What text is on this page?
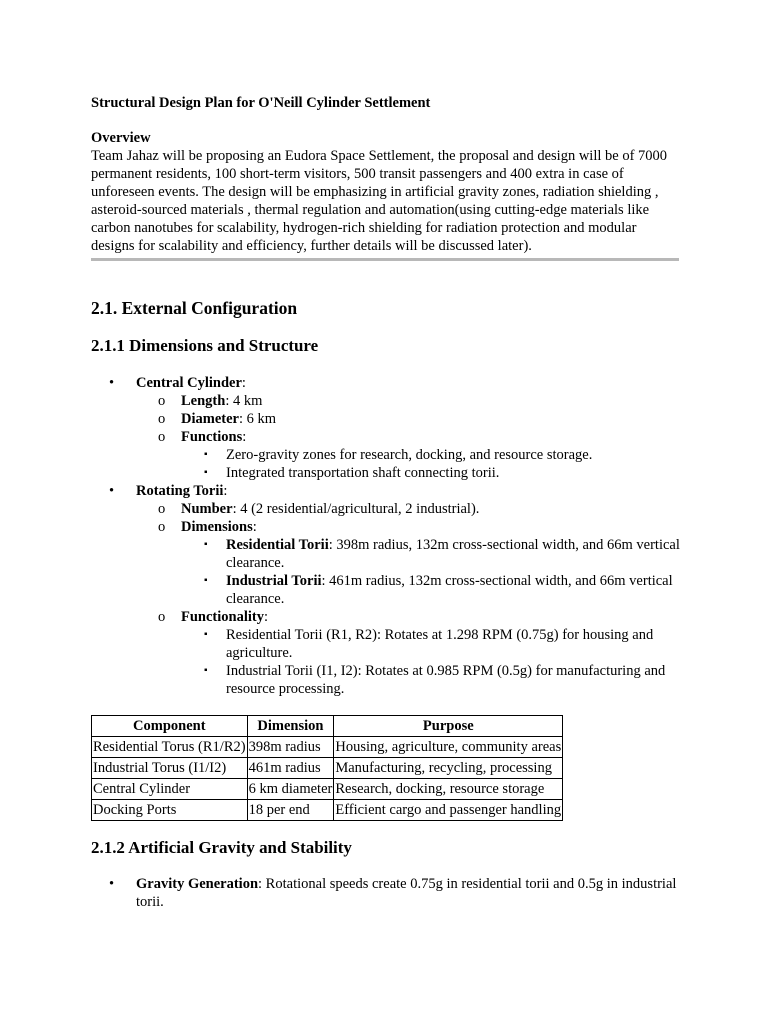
Structural Design Plan for O'Neill Cylinder Settlement

Overview

Team Jahaz will be proposing an Eudora Space Settlement, the proposal and design will be of 7000 permanent residents, 100 short-term visitors, 500 transit passengers and 400 extra in case of unforeseen events. The design will be emphasizing in artificial gravity zones, radiation shielding , asteroid-sourced materials , thermal regulation and automation(using cutting-edge materials like carbon nanotubes for scalability, hydrogen-rich shielding for radiation protection and modular designs for scalability and efficiency, further details will be discussed later).

2.1. External Configuration
2.1.1 Dimensions and Structure
• Central Cylinder:
o Length: 4 km
o Diameter: 6 km
o Functions:
▪ Zero-gravity zones for research, docking, and resource storage.
▪ Integrated transportation shaft connecting torii.
• Rotating Torii:
o Number: 4 (2 residential/agricultural, 2 industrial).
o Dimensions:
▪ Residential Torii: 398m radius, 132m cross-sectional width, and 66m vertical clearance.
▪ Industrial Torii: 461m radius, 132m cross-sectional width, and 66m vertical clearance.
o Functionality:
▪ Residential Torii (R1, R2): Rotates at 1.298 RPM (0.75g) for housing and agriculture.
▪ Industrial Torii (I1, I2): Rotates at 0.985 RPM (0.5g) for manufacturing and resource processing.
Component	Dimension	Purpose
Residential Torus (R1/R2)	398m radius	Housing, agriculture, community areas
Industrial Torus (I1/I2)	461m radius	Manufacturing, recycling, processing
Central Cylinder	6 km diameter	Research, docking, resource storage
Docking Ports	18 per end	Efficient cargo and passenger handling
2.1.2 Artificial Gravity and Stability
• Gravity Generation: Rotational speeds create 0.75g in residential torii and 0.5g in industrial torii.
